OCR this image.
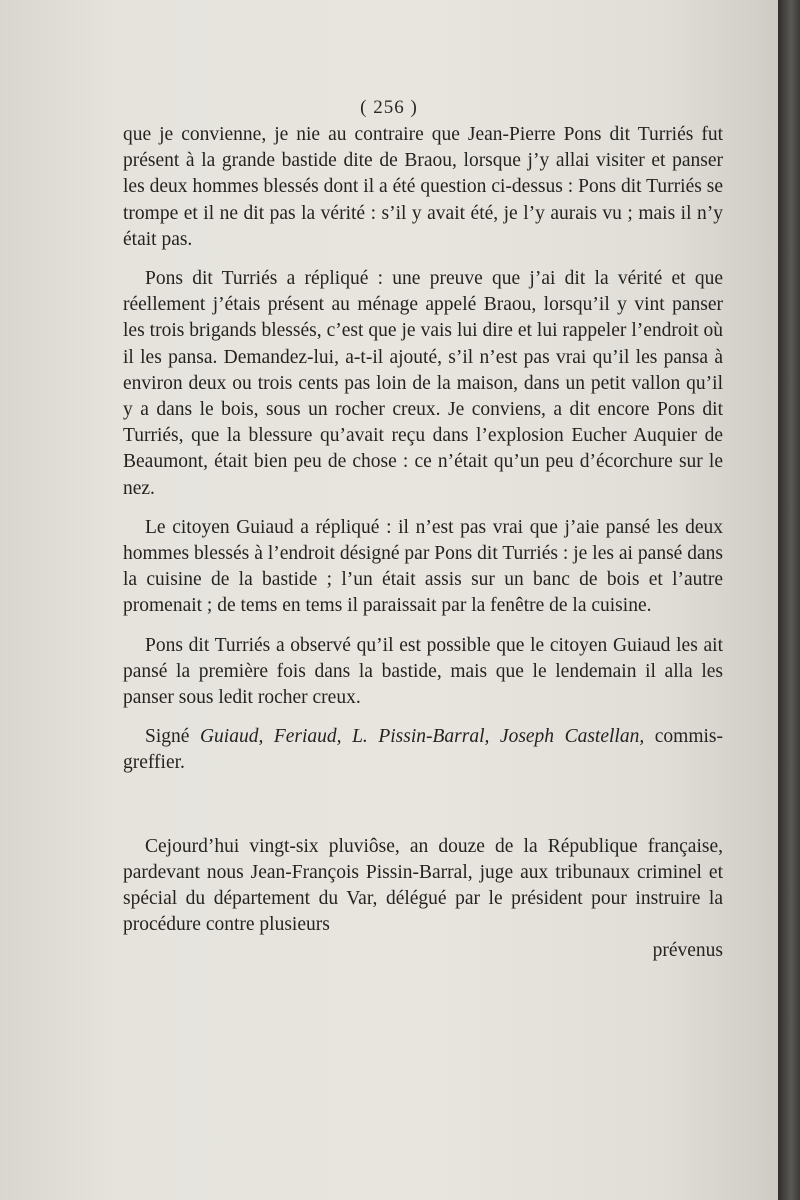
( 256 )

que je convienne, je nie au contraire que Jean-Pierre Pons dit Turriés fut présent à la grande bastide dite de Braou, lorsque j’y allai visiter et panser les deux hommes blessés dont il a été question ci-dessus : Pons dit Turriés se trompe et il ne dit pas la vérité : s’il y avait été, je l’y aurais vu ; mais il n’y était pas.

Pons dit Turriés a répliqué : une preuve que j’ai dit la vérité et que réellement j’étais présent au ménage appelé Braou, lorsqu’il y vint panser les trois brigands blessés, c’est que je vais lui dire et lui rappeler l’endroit où il les pansa. Demandez-lui, a-t-il ajouté, s’il n’est pas vrai qu’il les pansa à environ deux ou trois cents pas loin de la maison, dans un petit vallon qu’il y a dans le bois, sous un rocher creux. Je conviens, a dit encore Pons dit Turriés, que la blessure qu’avait reçu dans l’explosion Eucher Auquier de Beaumont, était bien peu de chose : ce n’était qu’un peu d’écorchure sur le nez.

Le citoyen Guiaud a répliqué : il n’est pas vrai que j’aie pansé les deux hommes blessés à l’endroit désigné par Pons dit Turriés : je les ai pansé dans la cuisine de la bastide ; l’un était assis sur un banc de bois et l’autre promenait ; de tems en tems il paraissait par la fenêtre de la cuisine.

Pons dit Turriés a observé qu’il est possible que le citoyen Guiaud les ait pansé la première fois dans la bastide, mais que le lendemain il alla les panser sous ledit rocher creux.

Signé Guiaud, Feriaud, L. Pissin-Barral, Joseph Castellan, commis-greffier.

Cejourd’hui vingt-six pluviôse, an douze de la République française, pardevant nous Jean-François Pissin-Barral, juge aux tribunaux criminel et spécial du département du Var, délégué par le président pour instruire la procédure contre plusieurs

prévenus
